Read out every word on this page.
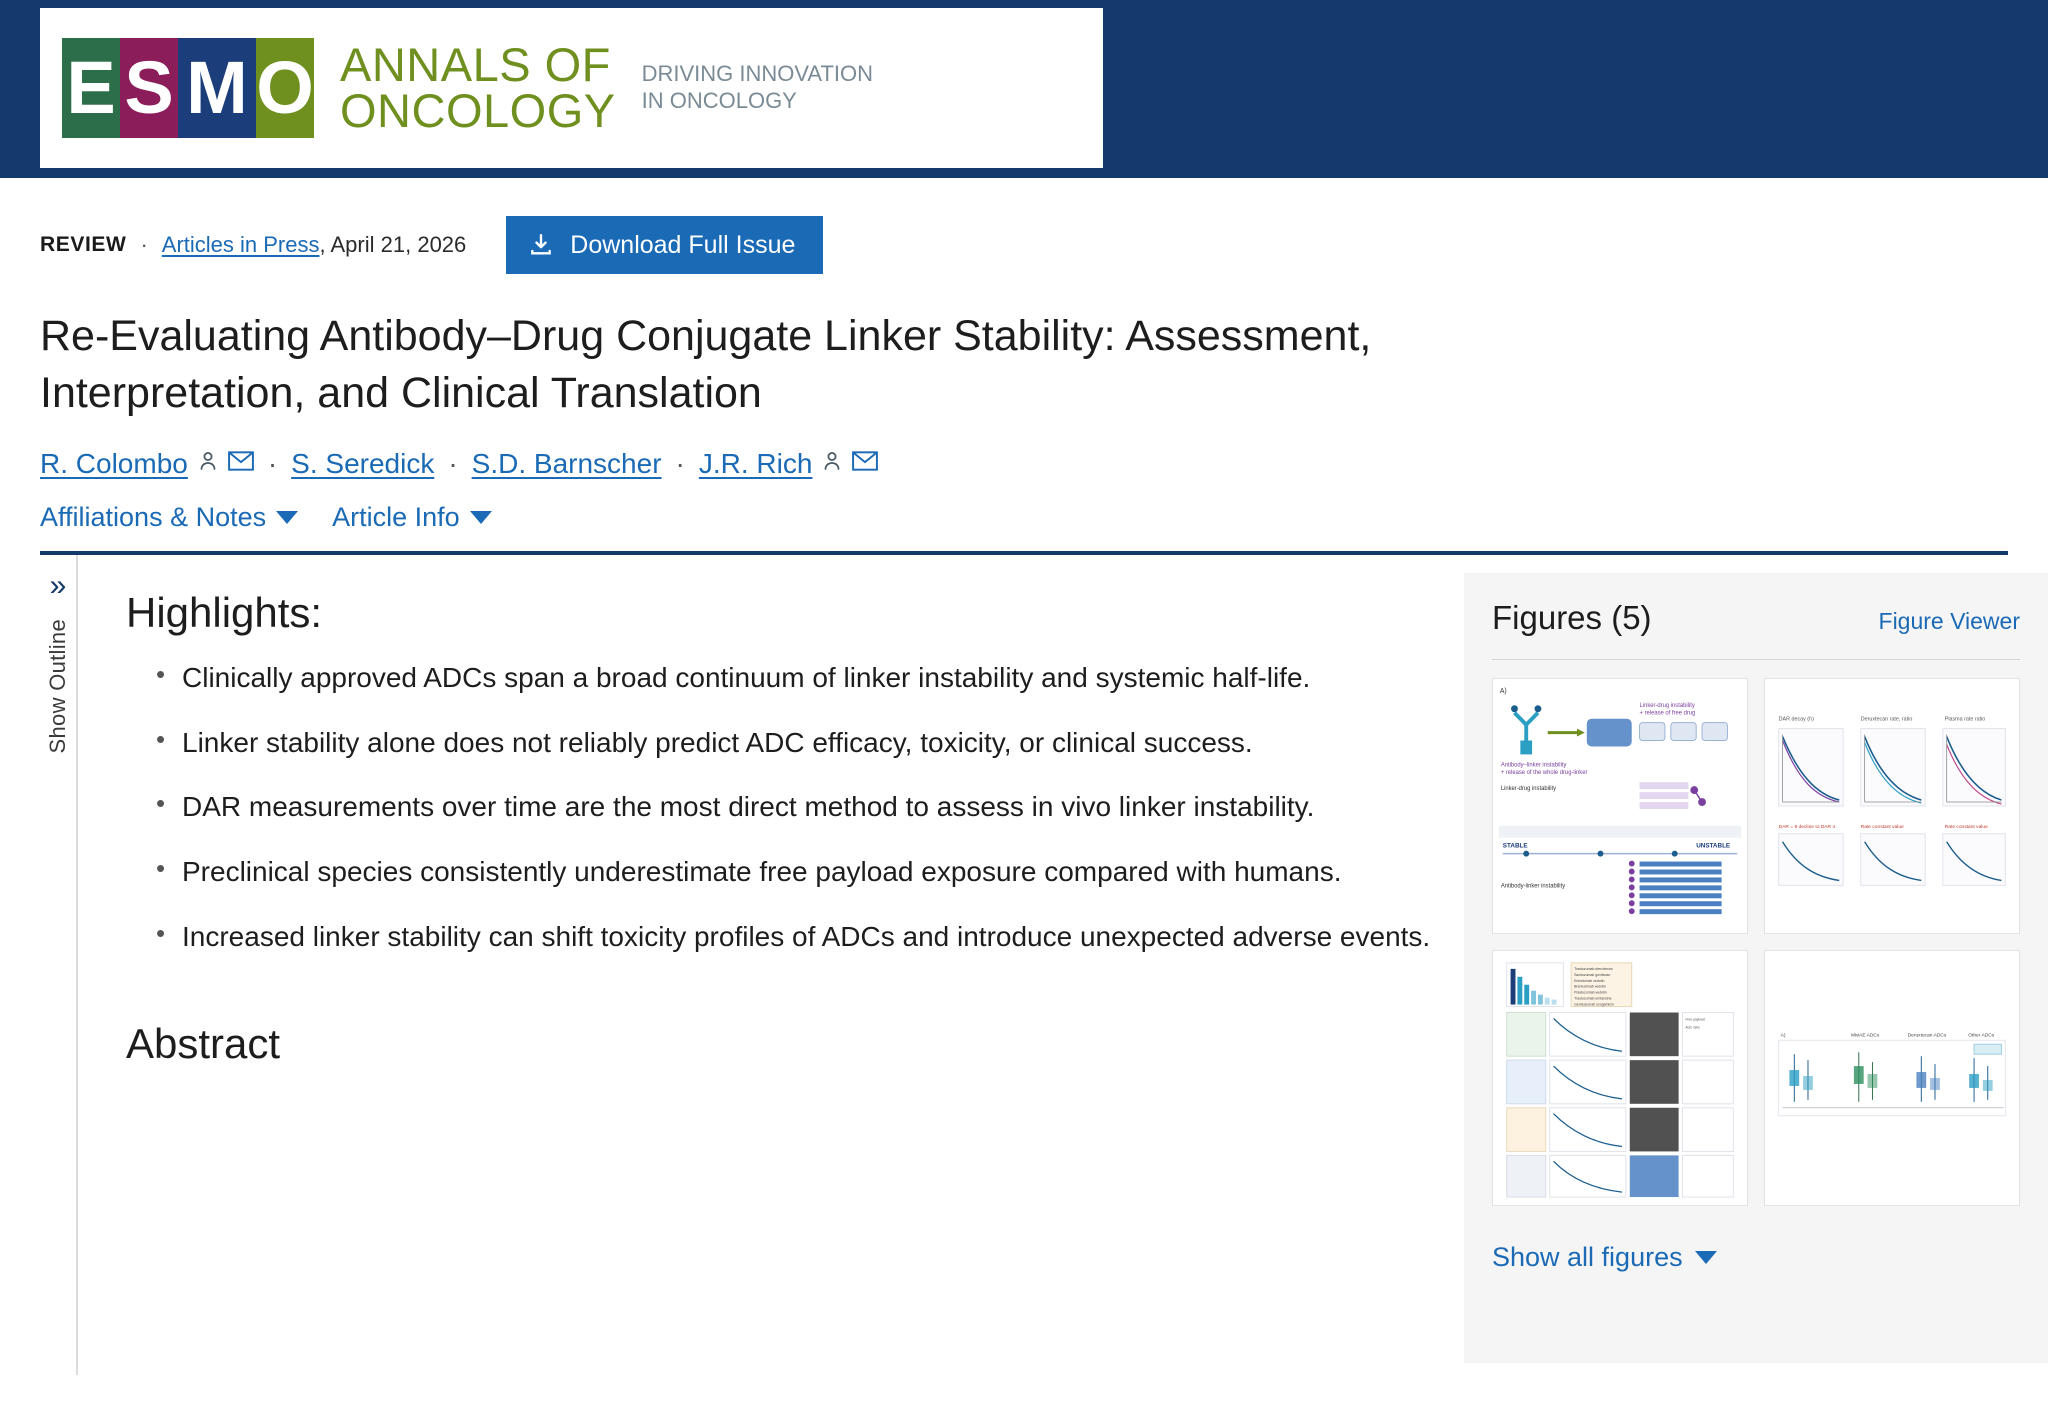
E S M O ANNALS OF
ONCOLOGY
DRIVING INNOVATION
IN ONCOLOGY
REVIEW · Articles in Press , April 21, 2026	Download Full Issue
Re-Evaluating Antibody–Drug Conjugate Linker Stability: Assessment, Interpretation, and Clinical Translation
R. Colombo	· S. Seredick · S.D. Barnscher · J.R. Rich
Affiliations & Notes Article Info
»
Show Outline
Highlights:
• Clinically approved ADCs span a broad continuum of linker instability and systemic half-life.
• Linker stability alone does not reliably predict ADC efficacy, toxicity, or clinical success.
• DAR measurements over time are the most direct method to assess in vivo linker instability.
• Preclinical species consistently underestimate free payload exposure compared with humans.
• Increased linker stability can shift toxicity profiles of ADCs and introduce unexpected adverse events.
Abstract
Figures (5)	Figure Viewer
A)
Linker-drug instability
+ release of free drug
Antibody–linker instability
+ release of the whole drug-linker
Linker-drug instability
STABLE	UNSTABLE
Antibody-linker instability
DAR decay (h)	Deruxtecan rate, ratio	Plasma rate ratio
DAR = 8 decline to DAR 4	Rate constant value	Rate constant value
Trastuzumab deruxtecan
Sacituzumab govitecan
Enfortumab vedotin
Brentuximab vedotin
Polatuzumab vedotin
Trastuzumab emtansine
Gemtuzumab ozogamicin
Free payload
AUC ratio
A)	MMAE ADCs	Deruxtecan ADCs	Other ADCs
Show all figures
